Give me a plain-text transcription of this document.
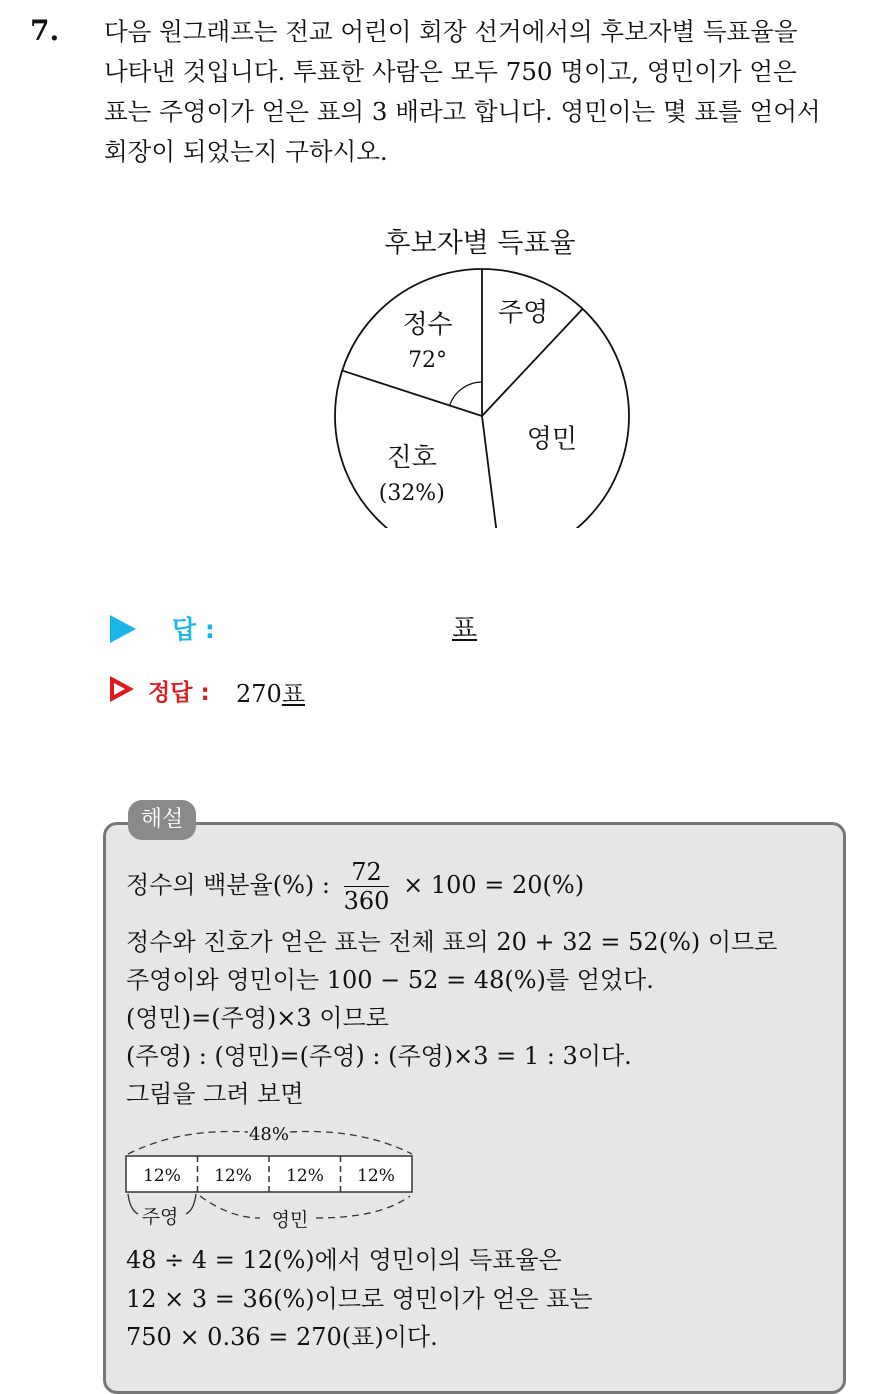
7. 다음 원그래프는 전교 어린이 회장 선거에서의 후보자별 득표율을
나타낸 것입니다. 투표한 사람은 모두 750 명이고, 영민이가 얻은
표는 주영이가 얻은 표의 3 배라고 합니다. 영민이는 몇 표를 얻어서
회장이 되었는지 구하시오.
후보자별 득표율
주영
영민
진호
(32%)
정수
72°
답 :	표
정답 : 270표
해설
정수의 백분율(%) : $\frac{72}{360} \times 100 = 20(\%)$
정수와 진호가 얻은 표는 전체 표의 20 + 32 = 52(%) 이므로
주영이와 영민이는 100 − 52 = 48(%)를 얻었다.
(영민)=(주영)×3 이므로
(주영) : (영민)=(주영) : (주영)×3 = 1 : 3이다.
그림을 그려 보면
48%
12% 12% 12% 12%
주영	영민
48 ÷ 4 = 12(%)에서 영민이의 득표율은
12 × 3 = 36(%)이므로 영민이가 얻은 표는
750 × 0.36 = 270(표)이다.
